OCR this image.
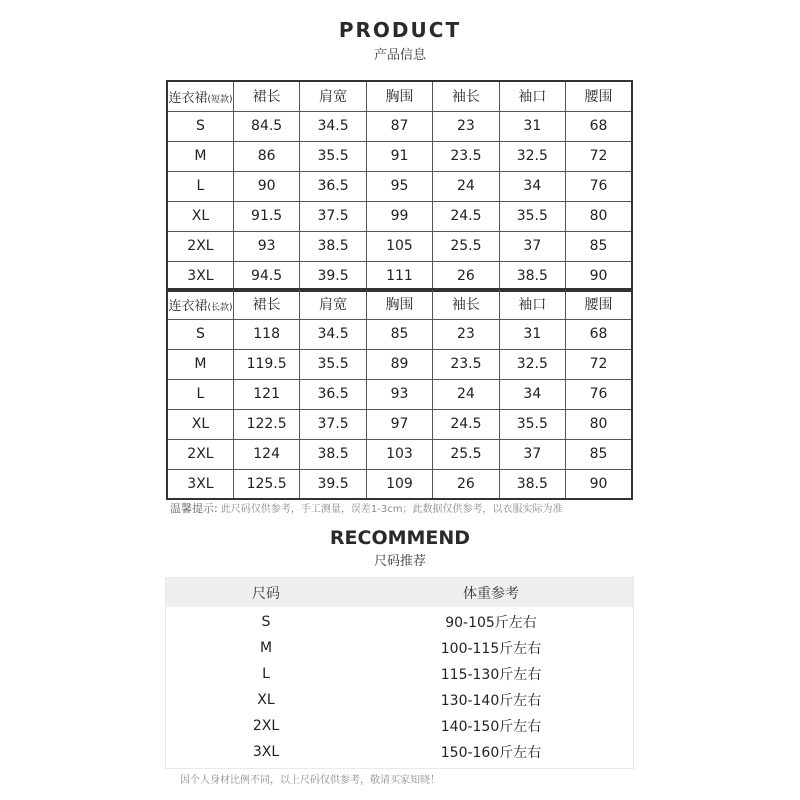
PRODUCT
产品信息
连衣裙(短款)	裙长	肩宽	胸围	袖长	袖口	腰围
S	84.5	34.5	87	23	31	68
M	86	35.5	91	23.5	32.5	72
L	90	36.5	95	24	34	76
XL	91.5	37.5	99	24.5	35.5	80
2XL	93	38.5	105	25.5	37	85
3XL	94.5	39.5	111	26	38.5	90
连衣裙(长款)	裙长	肩宽	胸围	袖长	袖口	腰围
S	118	34.5	85	23	31	68
M	119.5	35.5	89	23.5	32.5	72
L	121	36.5	93	24	34	76
XL	122.5	37.5	97	24.5	35.5	80
2XL	124	38.5	103	25.5	37	85
3XL	125.5	39.5	109	26	38.5	90
温馨提示: 此尺码仅供参考，手工测量，误差1-3cm；此数据仅供参考，以衣服实际为准
RECOMMEND
尺码推荐
尺码	体重参考
S	90-105斤左右
M	100-115斤左右
L	115-130斤左右
XL	130-140斤左右
2XL	140-150斤左右
3XL	150-160斤左右
因个人身材比例不同，以上尺码仅供参考，敬请买家知晓！
